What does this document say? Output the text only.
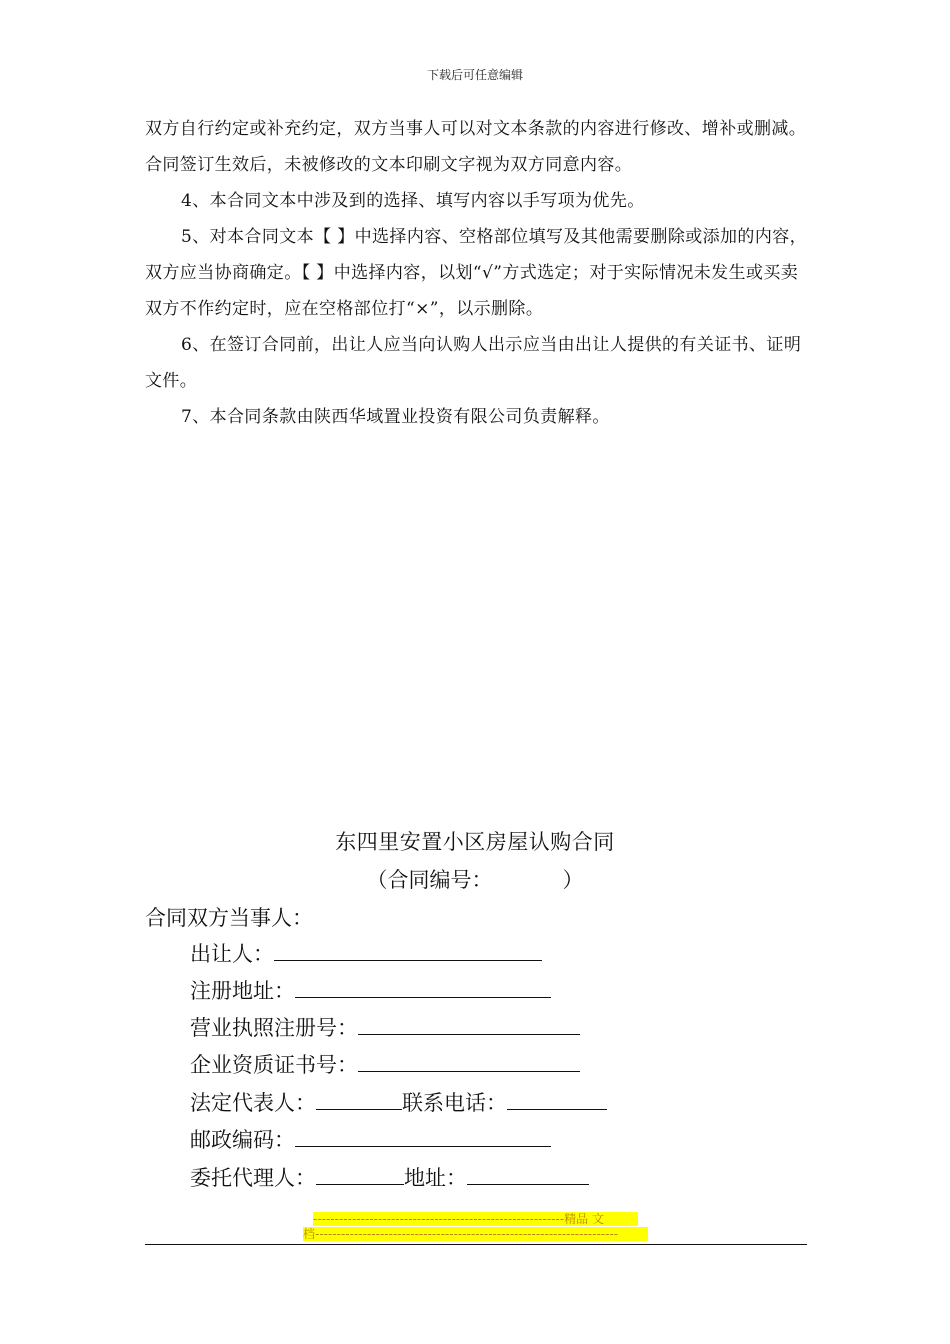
下载后可任意编辑
双方自行约定或补充约定，双方当事人可以对文本条款的内容进行修改、增补或删减。合同签订生效后，未被修改的文本印刷文字视为双方同意内容。
4、本合同文本中涉及到的选择、填写内容以手写项为优先。
5、对本合同文本【 】中选择内容、空格部位填写及其他需要删除或添加的内容，双方应当协商确定。【 】中选择内容，以划“√”方式选定；对于实际情况未发生或买卖双方不作约定时，应在空格部位打“×”，以示删除。
6、在签订合同前，出让人应当向认购人出示应当由出让人提供的有关证书、证明文件。
7、本合同条款由陕西华域置业投资有限公司负责解释。
东四里安置小区房屋认购合同
（合同编号：	）
合同双方当事人：
出让人：
注册地址：
营业执照注册号：
企业资质证书号：
法定代表人：	联系电话：
邮政编码：
委托代理人：	地址：
----------------------------------------------------------精品 文
档----------------------------------------------------------------------
